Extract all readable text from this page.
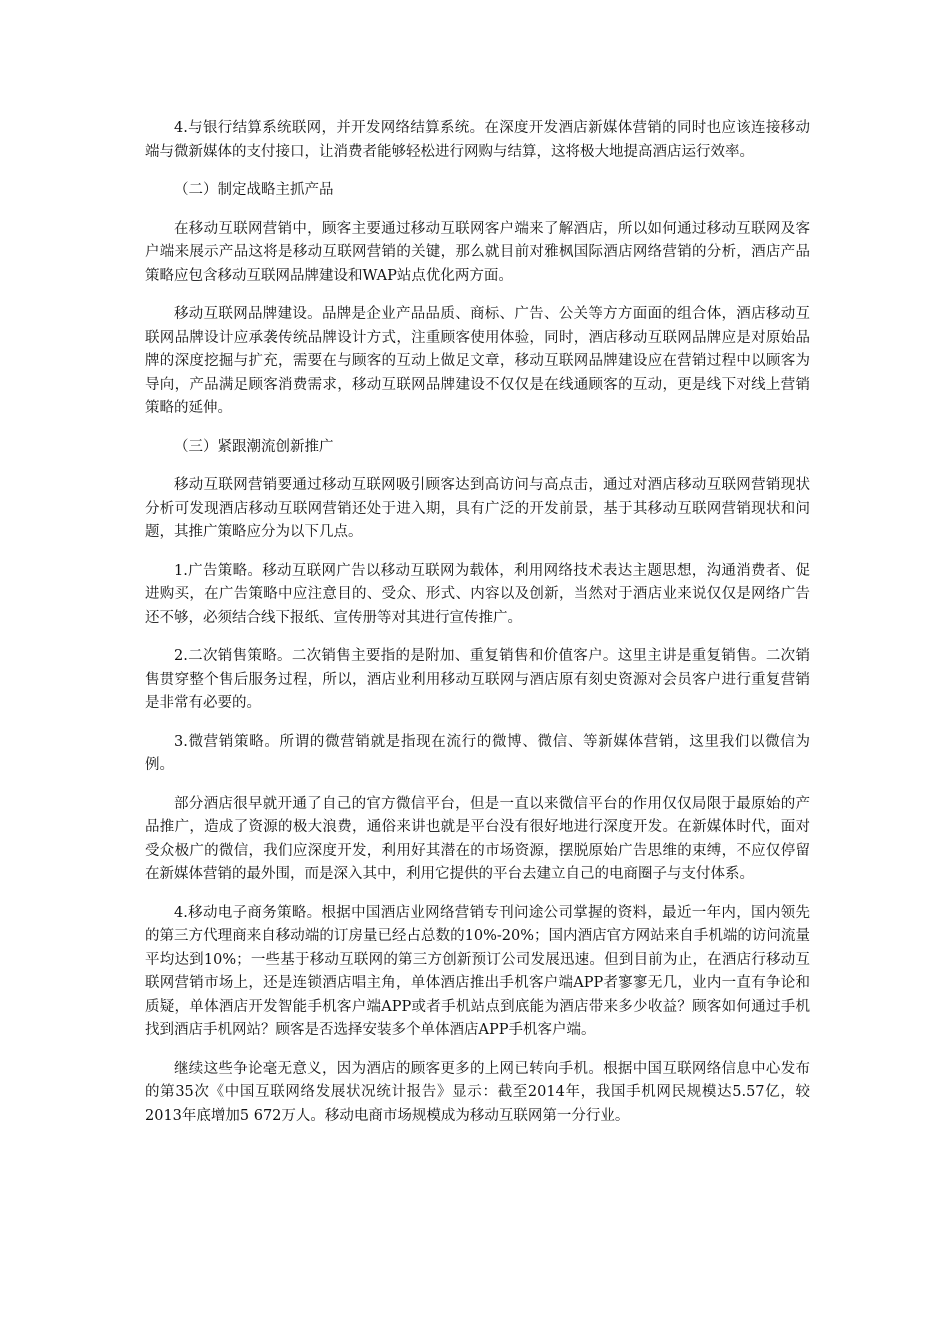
4.与银行结算系统联网，并开发网络结算系统。在深度开发酒店新媒体营销的同时也应该连接移动端与微新媒体的支付接口，让消费者能够轻松进行网购与结算，这将极大地提高酒店运行效率。

（二）制定战略主抓产品

在移动互联网营销中，顾客主要通过移动互联网客户端来了解酒店，所以如何通过移动互联网及客户端来展示产品这将是移动互联网营销的关键，那么就目前对雅枫国际酒店网络营销的分析，酒店产品策略应包含移动互联网品牌建设和WAP站点优化两方面。

移动互联网品牌建设。品牌是企业产品品质、商标、广告、公关等方方面面的组合体，酒店移动互联网品牌设计应承袭传统品牌设计方式，注重顾客使用体验，同时，酒店移动互联网品牌应是对原始品牌的深度挖掘与扩充，需要在与顾客的互动上做足文章，移动互联网品牌建设应在营销过程中以顾客为导向，产品满足顾客消费需求，移动互联网品牌建设不仅仅是在线通顾客的互动，更是线下对线上营销策略的延伸。

（三）紧跟潮流创新推广

移动互联网营销要通过移动互联网吸引顾客达到高访问与高点击，通过对酒店移动互联网营销现状分析可发现酒店移动互联网营销还处于进入期，具有广泛的开发前景，基于其移动互联网营销现状和问题，其推广策略应分为以下几点。

1.广告策略。移动互联网广告以移动互联网为载体，利用网络技术表达主题思想，沟通消费者、促进购买，在广告策略中应注意目的、受众、形式、内容以及创新，当然对于酒店业来说仅仅是网络广告还不够，必须结合线下报纸、宣传册等对其进行宣传推广。

2.二次销售策略。二次销售主要指的是附加、重复销售和价值客户。这里主讲是重复销售。二次销售贯穿整个售后服务过程，所以，酒店业利用移动互联网与酒店原有刻史资源对会员客户进行重复营销是非常有必要的。

3.微营销策略。所谓的微营销就是指现在流行的微博、微信、等新媒体营销，这里我们以微信为例。

部分酒店很早就开通了自己的官方微信平台，但是一直以来微信平台的作用仅仅局限于最原始的产品推广，造成了资源的极大浪费，通俗来讲也就是平台没有很好地进行深度开发。在新媒体时代，面对受众极广的微信，我们应深度开发，利用好其潜在的市场资源，摆脱原始广告思维的束缚，不应仅停留在新媒体营销的最外围，而是深入其中，利用它提供的平台去建立自己的电商圈子与支付体系。

4.移动电子商务策略。根据中国酒店业网络营销专刊问途公司掌握的资料，最近一年内，国内领先的第三方代理商来自移动端的订房量已经占总数的10%-20%；国内酒店官方网站来自手机端的访问流量平均达到10%；一些基于移动互联网的第三方创新预订公司发展迅速。但到目前为止，在酒店行移动互联网营销市场上，还是连锁酒店唱主角，单体酒店推出手机客户端APP者寥寥无几，业内一直有争论和质疑，单体酒店开发智能手机客户端APP或者手机站点到底能为酒店带来多少收益？顾客如何通过手机找到酒店手机网站？顾客是否选择安装多个单体酒店APP手机客户端。

继续这些争论毫无意义，因为酒店的顾客更多的上网已转向手机。根据中国互联网络信息中心发布的第35次《中国互联网络发展状况统计报告》显示：截至2014年，我国手机网民规模达5.57亿，较2013年底增加5 672万人。移动电商市场规模成为移动互联网第一分行业。
